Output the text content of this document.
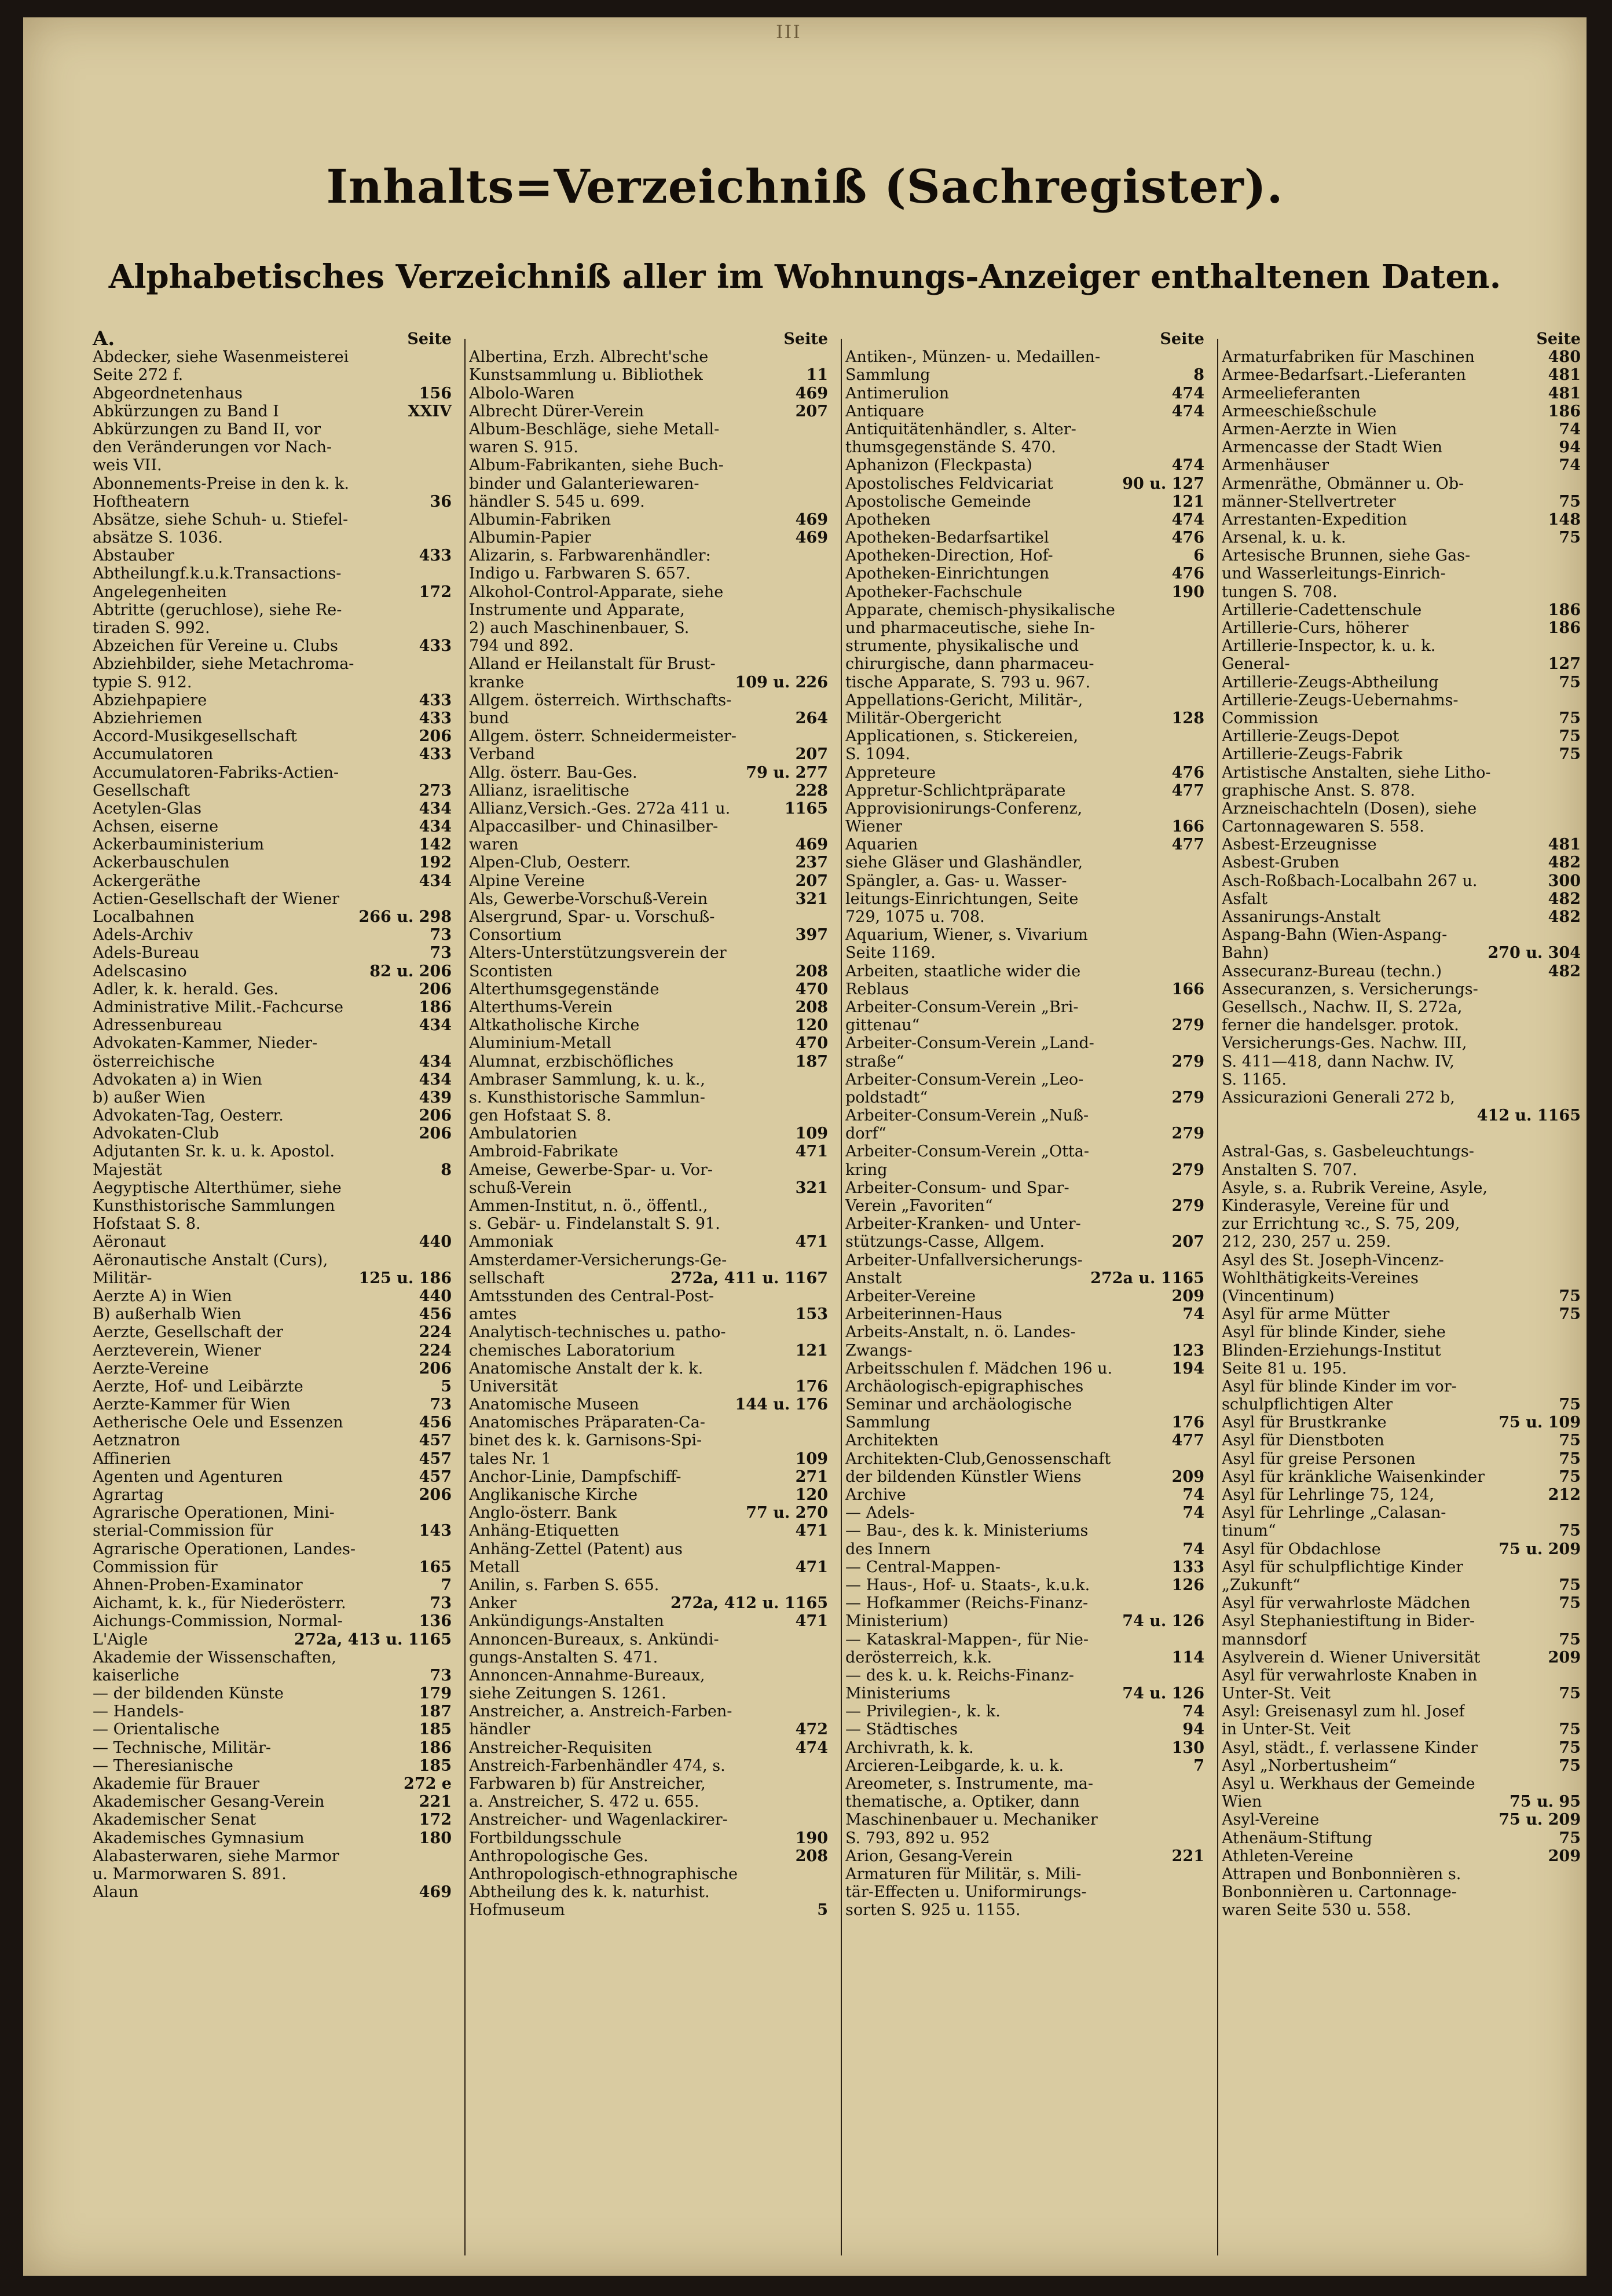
III
Inhalts=Verzeichniß (Sachregister).
Alphabetisches Verzeichniß aller im Wohnungs-Anzeiger enthaltenen Daten.
A.	Seite
Abdecker, siehe Wasenmeisterei
Seite 272 f.
Abgeordnetenhaus	156
Abkürzungen zu Band I	XXIV
Abkürzungen zu Band II, vor
den Veränderungen vor Nach-
weis VII.
Abonnements-Preise in den k. k.
Hoftheatern	36
Absätze, siehe Schuh- u. Stiefel-
absätze S. 1036.
Abstauber	433
Abtheilungf.k.u.k.Transactions-
Angelegenheiten	172
Abtritte (geruchlose), siehe Re-
tiraden S. 992.
Abzeichen für Vereine u. Clubs	433
Abziehbilder, siehe Metachroma-
typie S. 912.
Abziehpapiere	433
Abziehriemen	433
Accord-Musikgesellschaft	206
Accumulatoren	433
Accumulatoren-Fabriks-Actien-
Gesellschaft	273
Acetylen-Glas	434
Achsen, eiserne	434
Ackerbauministerium	142
Ackerbauschulen	192
Ackergeräthe	434
Actien-Gesellschaft der Wiener
Localbahnen	266 u. 298
Adels-Archiv	73
Adels-Bureau	73
Adelscasino	82 u. 206
Adler, k. k. herald. Ges.	206
Administrative Milit.-Fachcurse	186
Adressenbureau	434
Advokaten-Kammer, Nieder-
österreichische	434
Advokaten a) in Wien	434
b) außer Wien	439
Advokaten-Tag, Oesterr.	206
Advokaten-Club	206
Adjutanten Sr. k. u. k. Apostol.
Majestät	8
Aegyptische Alterthümer, siehe
Kunsthistorische Sammlungen
Hofstaat S. 8.
Aëronaut	440
Aëronautische Anstalt (Curs),
Militär-	125 u. 186
Aerzte A) in Wien	440
B) außerhalb Wien	456
Aerzte, Gesellschaft der	224
Aerzteverein, Wiener	224
Aerzte-Vereine	206
Aerzte, Hof- und Leibärzte	5
Aerzte-Kammer für Wien	73
Aetherische Oele und Essenzen	456
Aetznatron	457
Affinerien	457
Agenten und Agenturen	457
Agrartag	206
Agrarische Operationen, Mini-
sterial-Commission für	143
Agrarische Operationen, Landes-
Commission für	165
Ahnen-Proben-Examinator	7
Aichamt, k. k., für Niederösterr.	73
Aichungs-Commission, Normal-	136
L'Aigle	272a, 413 u. 1165
Akademie der Wissenschaften,
kaiserliche	73
— der bildenden Künste	179
— Handels-	187
— Orientalische	185
— Technische, Militär-	186
— Theresianische	185
Akademie für Brauer	272 e
Akademischer Gesang-Verein	221
Akademischer Senat	172
Akademisches Gymnasium	180
Alabasterwaren, siehe Marmor
u. Marmorwaren S. 891.
Alaun	469
Seite
Albertina, Erzh. Albrecht'sche
Kunstsammlung u. Bibliothek	11
Albolo-Waren	469
Albrecht Dürer-Verein	207
Album-Beschläge, siehe Metall-
waren S. 915.
Album-Fabrikanten, siehe Buch-
binder und Galanteriewaren-
händler S. 545 u. 699.
Albumin-Fabriken	469
Albumin-Papier	469
Alizarin, s. Farbwarenhändler:
Indigo u. Farbwaren S. 657.
Alkohol-Control-Apparate, siehe
Instrumente und Apparate,
2) auch Maschinenbauer, S.
794 und 892.
Alland er Heilanstalt für Brust-
kranke	109 u. 226
Allgem. österreich. Wirthschafts-
bund	264
Allgem. österr. Schneidermeister-
Verband	207
Allg. österr. Bau-Ges.	79 u. 277
Allianz, israelitische	228
Allianz,Versich.-Ges. 272a 411 u.	1165
Alpaccasilber- und Chinasilber-
waren	469
Alpen-Club, Oesterr.	237
Alpine Vereine	207
Als, Gewerbe-Vorschuß-Verein	321
Alsergrund, Spar- u. Vorschuß-
Consortium	397
Alters-Unterstützungsverein der
Scontisten	208
Alterthumsgegenstände	470
Alterthums-Verein	208
Altkatholische Kirche	120
Aluminium-Metall	470
Alumnat, erzbischöfliches	187
Ambraser Sammlung, k. u. k.,
s. Kunsthistorische Sammlun-
gen Hofstaat S. 8.
Ambulatorien	109
Ambroid-Fabrikate	471
Ameise, Gewerbe-Spar- u. Vor-
schuß-Verein	321
Ammen-Institut, n. ö., öffentl.,
s. Gebär- u. Findelanstalt S. 91.
Ammoniak	471
Amsterdamer-Versicherungs-Ge-
sellschaft	272a, 411 u. 1167
Amtsstunden des Central-Post-
amtes	153
Analytisch-technisches u. patho-
chemisches Laboratorium	121
Anatomische Anstalt der k. k.
Universität	176
Anatomische Museen	144 u. 176
Anatomisches Präparaten-Ca-
binet des k. k. Garnisons-Spi-
tales Nr. 1	109
Anchor-Linie, Dampfschiff-	271
Anglikanische Kirche	120
Anglo-österr. Bank	77 u. 270
Anhäng-Etiquetten	471
Anhäng-Zettel (Patent) aus
Metall	471
Anilin, s. Farben S. 655.
Anker	272a, 412 u. 1165
Ankündigungs-Anstalten	471
Annoncen-Bureaux, s. Ankündi-
gungs-Anstalten S. 471.
Annoncen-Annahme-Bureaux,
siehe Zeitungen S. 1261.
Anstreicher, a. Anstreich-Farben-
händler	472
Anstreicher-Requisiten	474
Anstreich-Farbenhändler 474, s.
Farbwaren b) für Anstreicher,
a. Anstreicher, S. 472 u. 655.
Anstreicher- und Wagenlackirer-
Fortbildungsschule	190
Anthropologische Ges.	208
Anthropologisch-ethnographische
Abtheilung des k. k. naturhist.
Hofmuseum	5
Seite
Antiken-, Münzen- u. Medaillen-
Sammlung	8
Antimerulion	474
Antiquare	474
Antiquitätenhändler, s. Alter-
thumsgegenstände S. 470.
Aphanizon (Fleckpasta)	474
Apostolisches Feldvicariat	90 u. 127
Apostolische Gemeinde	121
Apotheken	474
Apotheken-Bedarfsartikel	476
Apotheken-Direction, Hof-	6
Apotheken-Einrichtungen	476
Apotheker-Fachschule	190
Apparate, chemisch-physikalische
und pharmaceutische, siehe In-
strumente, physikalische und
chirurgische, dann pharmaceu-
tische Apparate, S. 793 u. 967.
Appellations-Gericht, Militär-,
Militär-Obergericht	128
Applicationen, s. Stickereien,
S. 1094.
Appreteure	476
Appretur-Schlichtpräparate	477
Approvisionirungs-Conferenz,
Wiener	166
Aquarien	477
siehe Gläser und Glashändler,
Spängler, a. Gas- u. Wasser-
leitungs-Einrichtungen, Seite
729, 1075 u. 708.
Aquarium, Wiener, s. Vivarium
Seite 1169.
Arbeiten, staatliche wider die
Reblaus	166
Arbeiter-Consum-Verein „Bri-
gittenau“	279
Arbeiter-Consum-Verein „Land-
straße“	279
Arbeiter-Consum-Verein „Leo-
poldstadt“	279
Arbeiter-Consum-Verein „Nuß-
dorf“	279
Arbeiter-Consum-Verein „Otta-
kring	279
Arbeiter-Consum- und Spar-
Verein „Favoriten“	279
Arbeiter-Kranken- und Unter-
stützungs-Casse, Allgem.	207
Arbeiter-Unfallversicherungs-
Anstalt	272a u. 1165
Arbeiter-Vereine	209
Arbeiterinnen-Haus	74
Arbeits-Anstalt, n. ö. Landes-
Zwangs-	123
Arbeitsschulen f. Mädchen 196 u.	194
Archäologisch-epigraphisches
Seminar und archäologische
Sammlung	176
Architekten	477
Architekten-Club,Genossenschaft
der bildenden Künstler Wiens	209
Archive	74
— Adels-	74
— Bau-, des k. k. Ministeriums
des Innern	74
— Central-Mappen-	133
— Haus-, Hof- u. Staats-, k.u.k.	126
— Hofkammer (Reichs-Finanz-
Ministerium)	74 u. 126
— Kataskral-Mappen-, für Nie-
derösterreich, k.k.	114
— des k. u. k. Reichs-Finanz-
Ministeriums	74 u. 126
— Privilegien-, k. k.	74
— Städtisches	94
Archivrath, k. k.	130
Arcieren-Leibgarde, k. u. k.	7
Areometer, s. Instrumente, ma-
thematische, a. Optiker, dann
Maschinenbauer u. Mechaniker
S. 793, 892 u. 952
Arion, Gesang-Verein	221
Armaturen für Militär, s. Mili-
tär-Effecten u. Uniformirungs-
sorten S. 925 u. 1155.
Seite
Armaturfabriken für Maschinen	480
Armee-Bedarfsart.-Lieferanten	481
Armeelieferanten	481
Armeeschießschule	186
Armen-Aerzte in Wien	74
Armencasse der Stadt Wien	94
Armenhäuser	74
Armenräthe, Obmänner u. Ob-
männer-Stellvertreter	75
Arrestanten-Expedition	148
Arsenal, k. u. k.	75
Artesische Brunnen, siehe Gas-
und Wasserleitungs-Einrich-
tungen S. 708.
Artillerie-Cadettenschule	186
Artillerie-Curs, höherer	186
Artillerie-Inspector, k. u. k.
General-	127
Artillerie-Zeugs-Abtheilung	75
Artillerie-Zeugs-Uebernahms-
Commission	75
Artillerie-Zeugs-Depot	75
Artillerie-Zeugs-Fabrik	75
Artistische Anstalten, siehe Litho-
graphische Anst. S. 878.
Arzneischachteln (Dosen), siehe
Cartonnagewaren S. 558.
Asbest-Erzeugnisse	481
Asbest-Gruben	482
Asch-Roßbach-Localbahn 267 u.	300
Asfalt	482
Assanirungs-Anstalt	482
Aspang-Bahn (Wien-Aspang-
Bahn)	270 u. 304
Assecuranz-Bureau (techn.)	482
Assecuranzen, s. Versicherungs-
Gesellsch., Nachw. II, S. 272a,
ferner die handelsger. protok.
Versicherungs-Ges. Nachw. III,
S. 411—418, dann Nachw. IV,
S. 1165.
Assicurazioni Generali 272 b,
412 u. 1165
Astral-Gas, s. Gasbeleuchtungs-
Anstalten S. 707.
Asyle, s. a. Rubrik Vereine, Asyle,
Kinderasyle, Vereine für und
zur Errichtung ꝛc., S. 75, 209,
212, 230, 257 u. 259.
Asyl des St. Joseph-Vincenz-
Wohlthätigkeits-Vereines
(Vincentinum)	75
Asyl für arme Mütter	75
Asyl für blinde Kinder, siehe
Blinden-Erziehungs-Institut
Seite 81 u. 195.
Asyl für blinde Kinder im vor-
schulpflichtigen Alter	75
Asyl für Brustkranke	75 u. 109
Asyl für Dienstboten	75
Asyl für greise Personen	75
Asyl für kränkliche Waisenkinder	75
Asyl für Lehrlinge 75, 124,	212
Asyl für Lehrlinge „Calasan-
tinum“	75
Asyl für Obdachlose	75 u. 209
Asyl für schulpflichtige Kinder
„Zukunft“	75
Asyl für verwahrloste Mädchen	75
Asyl Stephaniestiftung in Bider-
mannsdorf	75
Asylverein d. Wiener Universität	209
Asyl für verwahrloste Knaben in
Unter-St. Veit	75
Asyl: Greisenasyl zum hl. Josef
in Unter-St. Veit	75
Asyl, städt., f. verlassene Kinder	75
Asyl „Norbertusheim“	75
Asyl u. Werkhaus der Gemeinde
Wien	75 u. 95
Asyl-Vereine	75 u. 209
Athenäum-Stiftung	75
Athleten-Vereine	209
Attrapen und Bonbonnièren s.
Bonbonnièren u. Cartonnage-
waren Seite 530 u. 558.
